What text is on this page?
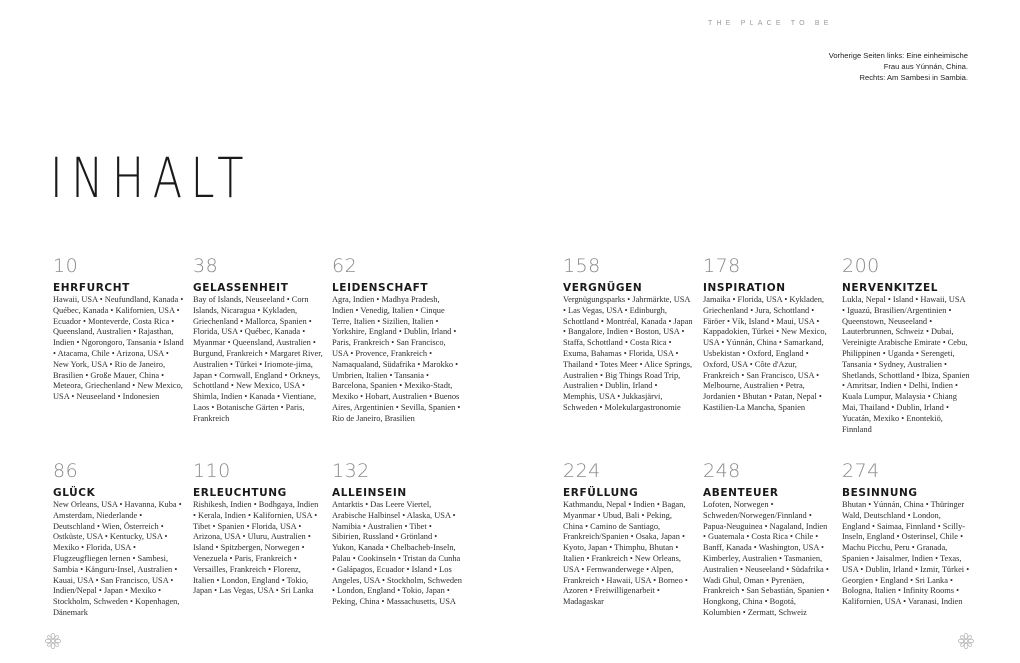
THE PLACE TO BE
Vorherige Seiten links: Eine einheimische
Frau aus Yúnnán, China.
Rechts: Am Sambesi in Sambia.
INHALT
10
EHRFURCHT
Hawaii, USA • Neufundland, Kanada • Québec, Kanada • Kalifornien, USA • Ecuador • Monteverde, Costa Rica • Queensland, Australien • Rajasthan, Indien • Ngorongoro, Tansania • Island • Atacama, Chile • Arizona, USA • New York, USA • Rio de Janeiro, Brasilien • Große Mauer, China • Meteora, Griechenland • New Mexico, USA • Neuseeland • Indonesien
38
GELASSENHEIT
Bay of Islands, Neuseeland • Corn Islands, Nicaragua • Kykladen, Griechenland • Mallorca, Spanien • Florida, USA • Québec, Kanada • Myanmar • Queensland, Australien • Burgund, Frankreich • Margaret River, Australien • Türkei • Iriomote-jima, Japan • Cornwall, England • Orkneys, Schottland • New Mexico, USA • Shimla, Indien • Kanada • Vientiane, Laos • Botanische Gärten • Paris, Frankreich
62
LEIDENSCHAFT
Agra, Indien • Madhya Pradesh, Indien • Venedig, Italien • Cinque Terre, Italien • Sizilien, Italien • Yorkshire, England • Dublin, Irland • Paris, Frankreich • San Francisco, USA • Provence, Frankreich • Namaqualand, Südafrika • Marokko • Umbrien, Italien • Tansania • Barcelona, Spanien • Mexiko-Stadt, Mexiko • Hobart, Australien • Buenos Aires, Argentinien • Sevilla, Spanien • Rio de Janeiro, Brasilien
158
VERGNÜGEN
Vergnügungsparks • Jahrmärkte, USA • Las Vegas, USA • Edinburgh, Schottland • Montréal, Kanada • Japan • Bangalore, Indien • Boston, USA • Staffa, Schottland • Costa Rica • Exuma, Bahamas • Florida, USA • Thailand • Totes Meer • Alice Springs, Australien • Big Things Road Trip, Australien • Dublin, Irland • Memphis, USA • Jukkasjärvi, Schweden • Molekulargastronomie
178
INSPIRATION
Jamaika • Florida, USA • Kykladen, Griechenland • Jura, Schottland • Färöer • Vík, Island • Maui, USA • Kappadokien, Türkei • New Mexico, USA • Yúnnán, China • Samarkand, Usbekistan • Oxford, England • Oxford, USA • Côte d'Azur, Frankreich • San Francisco, USA • Melbourne, Australien • Petra, Jordanien • Bhutan • Patan, Nepal • Kastilien-La Mancha, Spanien
200
NERVENKITZEL
Lukla, Nepal • Island • Hawaii, USA • Iguazú, Brasilien/Argentinien • Queenstown, Neuseeland • Lauterbrunnen, Schweiz • Dubai, Vereinigte Arabische Emirate • Cebu, Philippinen • Uganda • Serengeti, Tansania • Sydney, Australien • Shetlands, Schottland • Ibiza, Spanien • Amritsar, Indien • Delhi, Indien • Kuala Lumpur, Malaysia • Chiang Mai, Thailand • Dublin, Irland • Yucatán, Mexiko • Enontekiö, Finnland
86
GLÜCK
New Orleans, USA • Havanna, Kuba • Amsterdam, Niederlande • Deutschland • Wien, Österreich • Ostküste, USA • Kentucky, USA • Mexiko • Florida, USA • Flugzeugfliegen lernen • Sambesi, Sambia • Känguru-Insel, Australien • Kauai, USA • San Francisco, USA • Indien/Nepal • Japan • Mexiko • Stockholm, Schweden • Kopenhagen, Dänemark
110
ERLEUCHTUNG
Rishikesh, Indien • Bodhgaya, Indien • Kerala, Indien • Kalifornien, USA • Tibet • Spanien • Florida, USA • Arizona, USA • Uluru, Australien • Island • Spitzbergen, Norwegen • Venezuela • Paris, Frankreich • Versailles, Frankreich • Florenz, Italien • London, England • Tokio, Japan • Las Vegas, USA • Sri Lanka
132
ALLEINSEIN
Antarktis • Das Leere Viertel, Arabische Halbinsel • Alaska, USA • Namibia • Australien • Tibet • Sibirien, Russland • Grönland • Yukon, Kanada • Chelbacheb-Inseln, Palau • Cookinseln • Tristan da Cunha • Galápagos, Ecuador • Island • Los Angeles, USA • Stockholm, Schweden • London, England • Tokio, Japan • Peking, China • Massachusetts, USA
224
ERFÜLLUNG
Kathmandu, Nepal • Indien • Bagan, Myanmar • Ubud, Bali • Peking, China • Camino de Santiago, Frankreich/Spanien • Osaka, Japan • Kyoto, Japan • Thimphu, Bhutan • Italien • Frankreich • New Orleans, USA • Fernwanderwege • Alpen, Frankreich • Hawaii, USA • Borneo • Azoren • Freiwilligenarbeit • Madagaskar
248
ABENTEUER
Lofoten, Norwegen • Schweden/Norwegen/Finnland • Papua-Neuguinea • Nagaland, Indien • Guatemala • Costa Rica • Chile • Banff, Kanada • Washington, USA • Kimberley, Australien • Tasmanien, Australien • Neuseeland • Südafrika • Wadi Ghul, Oman • Pyrenäen, Frankreich • San Sebastián, Spanien • Hongkong, China • Bogotá, Kolumbien • Zermatt, Schweiz
274
BESINNUNG
Bhutan • Yúnnán, China • Thüringer Wald, Deutschland • London, England • Saimaa, Finnland • Scilly-Inseln, England • Osterinsel, Chile • Machu Picchu, Peru • Granada, Spanien • Jaisalmer, Indien • Texas, USA • Dublin, Irland • Izmir, Türkei • Georgien • England • Sri Lanka • Bologna, Italien • Infinity Rooms • Kalifornien, USA • Varanasi, Indien
